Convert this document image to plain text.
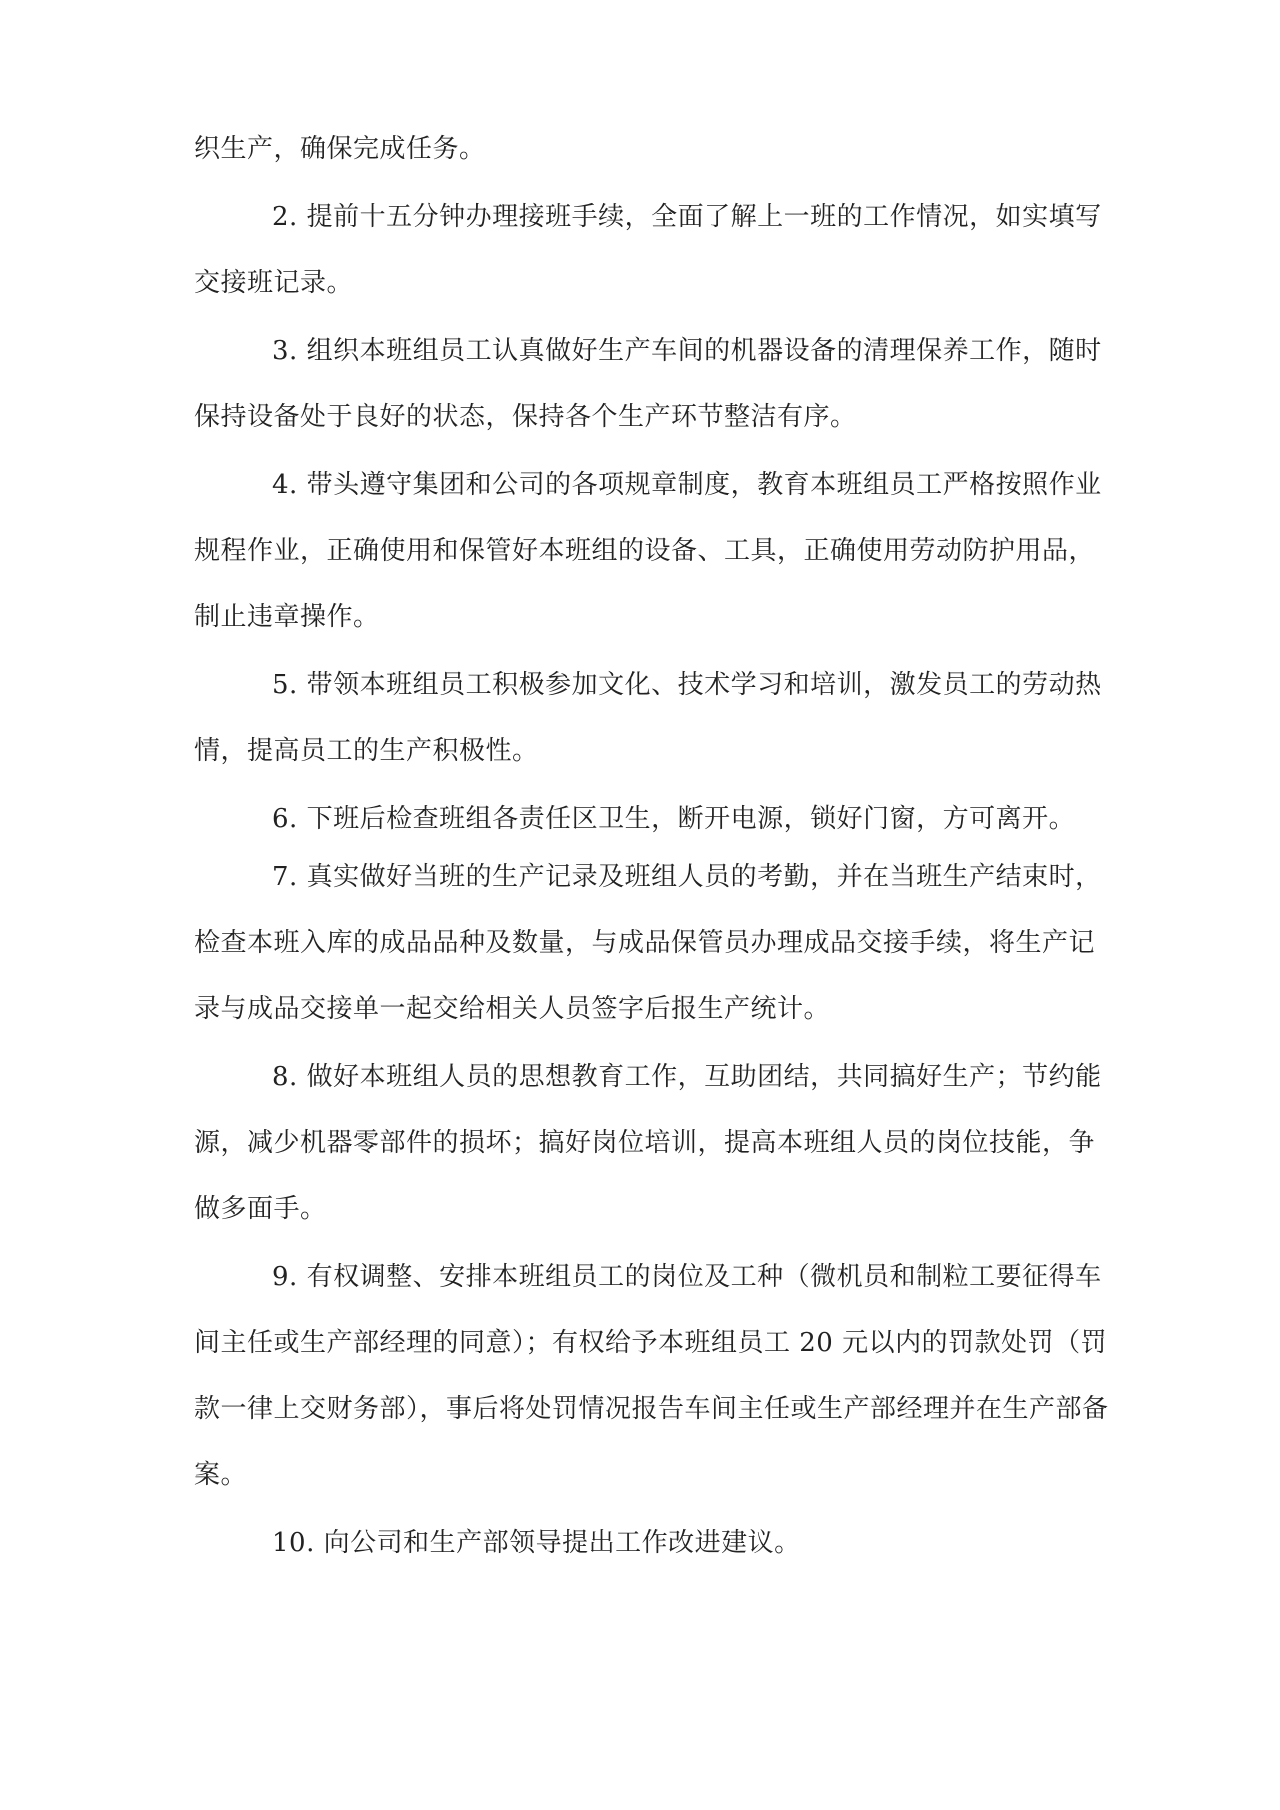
织生产，确保完成任务。
2. 提前十五分钟办理接班手续，全面了解上一班的工作情况，如实填写
交接班记录。
3. 组织本班组员工认真做好生产车间的机器设备的清理保养工作，随时
保持设备处于良好的状态，保持各个生产环节整洁有序。
4. 带头遵守集团和公司的各项规章制度，教育本班组员工严格按照作业
规程作业，正确使用和保管好本班组的设备、工具，正确使用劳动防护用品，
制止违章操作。
5. 带领本班组员工积极参加文化、技术学习和培训，激发员工的劳动热
情，提高员工的生产积极性。
6. 下班后检查班组各责任区卫生，断开电源，锁好门窗，方可离开。
7. 真实做好当班的生产记录及班组人员的考勤，并在当班生产结束时，
检查本班入库的成品品种及数量，与成品保管员办理成品交接手续，将生产记
录与成品交接单一起交给相关人员签字后报生产统计。
8. 做好本班组人员的思想教育工作，互助团结，共同搞好生产；节约能
源，减少机器零部件的损坏；搞好岗位培训，提高本班组人员的岗位技能，争
做多面手。
9. 有权调整、安排本班组员工的岗位及工种（微机员和制粒工要征得车
间主任或生产部经理的同意）；有权给予本班组员工 20 元以内的罚款处罚（罚
款一律上交财务部），事后将处罚情况报告车间主任或生产部经理并在生产部备
案。
10. 向公司和生产部领导提出工作改进建议。
